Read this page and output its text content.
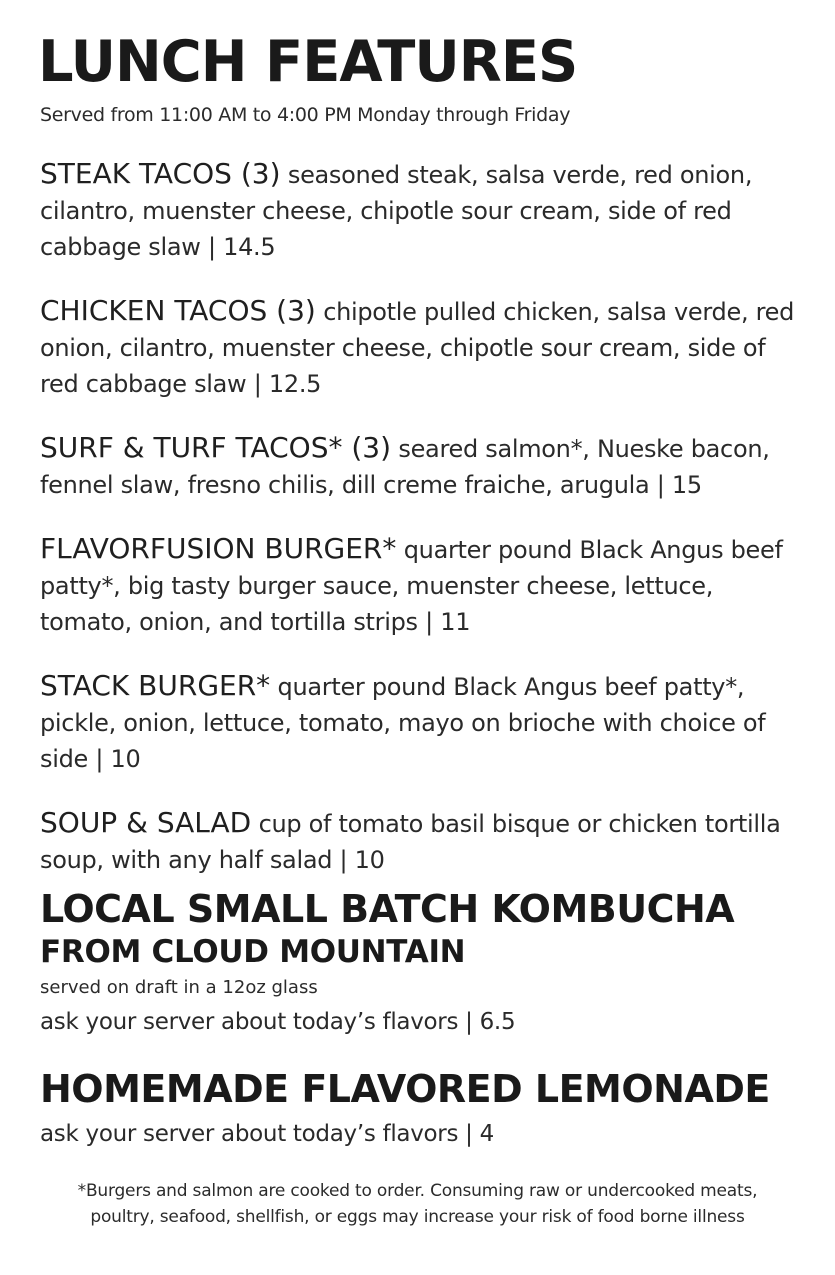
LUNCH FEATURES

Served from 11:00 AM to 4:00 PM Monday through Friday

STEAK TACOS (3) seasoned steak, salsa verde, red onion, cilantro, muenster cheese, chipotle sour cream, side of red cabbage slaw | 14.5

CHICKEN TACOS (3) chipotle pulled chicken, salsa verde, red onion, cilantro, muenster cheese, chipotle sour cream, side of red cabbage slaw | 12.5

SURF & TURF TACOS* (3) seared salmon*, Nueske bacon, fennel slaw, fresno chilis, dill creme fraiche, arugula | 15

FLAVORFUSION BURGER* quarter pound Black Angus beef patty*, big tasty burger sauce, muenster cheese, lettuce, tomato, onion, and tortilla strips | 11

STACK BURGER* quarter pound Black Angus beef patty*, pickle, onion, lettuce, tomato, mayo on brioche with choice of side | 10

SOUP & SALAD cup of tomato basil bisque or chicken tortilla soup, with any half salad | 10

LOCAL SMALL BATCH KOMBUCHA
FROM CLOUD MOUNTAIN

served on draft in a 12oz glass

ask your server about today’s flavors | 6.5

HOMEMADE FLAVORED LEMONADE

ask your server about today’s flavors | 4

*Burgers and salmon are cooked to order. Consuming raw or undercooked meats,
poultry, seafood, shellfish, or eggs may increase your risk of food borne illness
